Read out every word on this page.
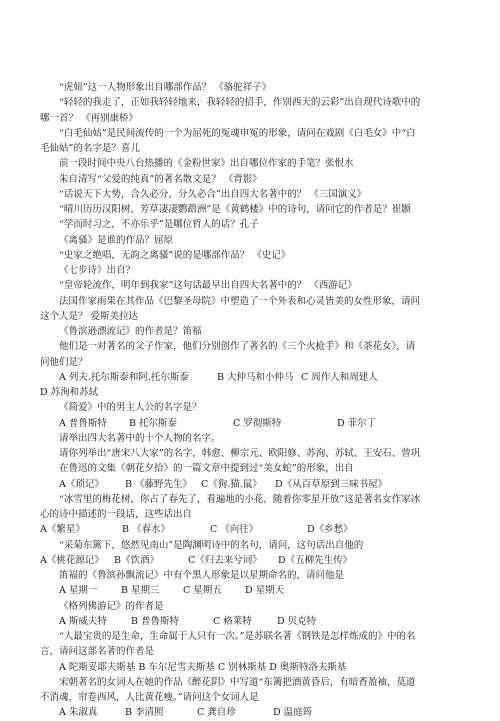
“虎妞”这一人物形象出自哪部作品？ 《骆驼祥子》
“轻轻的我走了，正如我轻轻地来，我轻轻的招手，作别西天的云彩”出自现代诗歌中的
哪一首？ 《再别康桥》
“白毛仙姑”是民间流传的一个为屈死的冤魂申冤的形象，请问在戏剧《白毛女》中“白
毛仙姑”的名字是？喜儿
前一段时间中央八台热播的《金粉世家》出自哪位作家的手笔？张恨水
朱自清写“父爱的纯真”的著名散文是？ 《背影》
“话说天下大势，合久必分，分久必合”出自四大名著中的？ 《三国演义》
“晴川历历汉阳树，芳草凄凄鹦鹉洲”是《黄鹤楼》中的诗句，请问它的作者是？崔颢
“学而时习之，不亦乐乎”是哪位哲人的话？孔子
《离骚》是谁的作品？屈原
“史家之绝唱，无韵之离骚”说的是哪部作品？ 《史记》
《七步诗》出自？
“皇帝轮流作，明年到我家”这句话最早出自四大名著中的？ 《西游记》
法国作家雨果在其作品《巴黎圣母院》中塑造了一个外表和心灵皆美的女性形象，请问
这个人是？ 爱斯美拉达
《鲁滨逊漂流记》的作者是？笛福
他们是一对著名的父子作家，他们分别创作了著名的《三个火枪手》和《茶花女》，请
问他们是？
A 列夫.托尔斯泰和阿.托尔斯泰	B 大仲马和小仲马 C 周作人和周建人
D 苏洵和苏轼
《简爱》中的男主人公的名字是？
A 普鲁斯特	B 托尔斯泰	C 罗彻斯特	D 菲尔丁
请举出四大名著中的十个人物的名字。
请你列举出“唐宋八大家”的名字，韩愈、柳宗元、欧阳修、苏洵、苏轼、王安石、曾巩
在鲁迅的文集《朝花夕拾》的一篇文章中提到过“美女蛇”的形象，出自
A《琐记》	B 《藤野先生》 C《狗.猫.鼠》	D《从百草原到三味书屋》
“冰雪里的梅花树，你占了春先了，看遍地的小花，随着你零星开放”这是著名女作家冰
心的诗中描述的一段话，这些话出自
A《繁星》	B 《春水》	C 《向往》	D《乡愁》
“采菊东篱下，悠然见南山”是陶渊明诗中的名句，请问，这句话出自他的
A《桃花源记》	B《饮酒》	C《归去来兮词》	D《五柳先生传》
笛福的《鲁滨孙飘流记》中有个黑人形象是以星期命名的，请问他是
A 星期一	B 星期三	C 星期五	D 星期天
《格列佛游记》的作者是
A 斯威夫特	B 普鲁斯特	C 格莱特	D 贝克特
“人最宝贵的是生命，生命属于人只有一次。”是苏联名著《钢铁是怎样炼成的》中的名
言，请问这部名著的作者是
A 陀斯妥耶夫斯基 B 车尔尼雪夫斯基 C 别林斯基 D 奥斯特洛夫斯基
宋朝著名的女词人在她的作品《醉花阴》中写道“东篱把酒黄昏后，有暗香盈袖，莫道
不消魂，帘卷西风，人比黄花瘦。”请问这个女词人是
A 朱淑真	B 李清照	C 龚自珍	D 温庭筠
